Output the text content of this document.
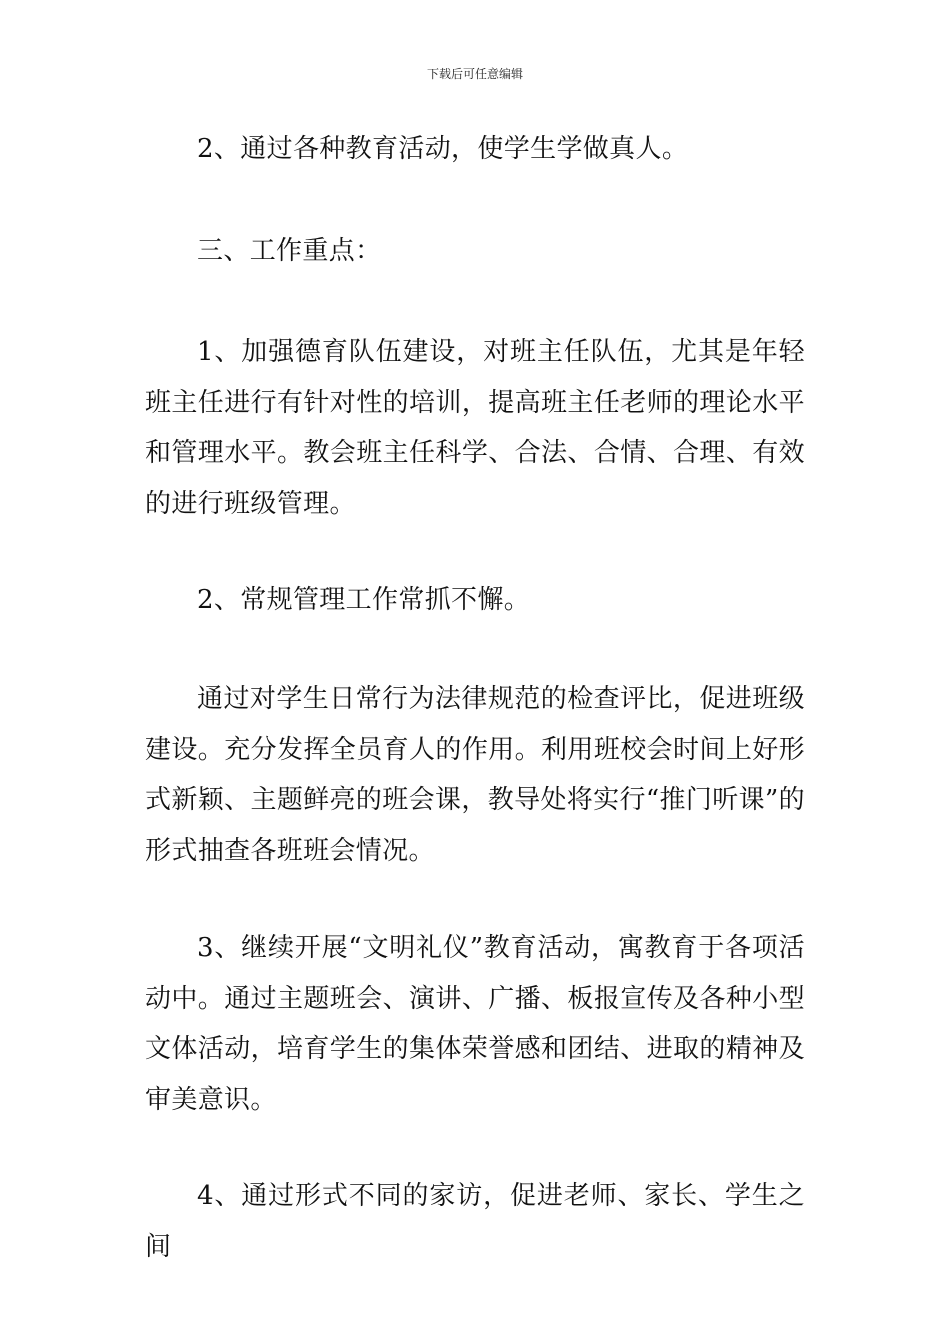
下载后可任意编辑

2、通过各种教育活动，使学生学做真人。

三、工作重点：

1、加强德育队伍建设，对班主任队伍，尤其是年轻班主任进行有针对性的培训，提高班主任老师的理论水平和管理水平。教会班主任科学、合法、合情、合理、有效的进行班级管理。

2、常规管理工作常抓不懈。

通过对学生日常行为法律规范的检查评比，促进班级建设。充分发挥全员育人的作用。利用班校会时间上好形式新颖、主题鲜亮的班会课，教导处将实行“推门听课”的形式抽查各班班会情况。

3、继续开展“文明礼仪”教育活动，寓教育于各项活动中。通过主题班会、演讲、广播、板报宣传及各种小型文体活动，培育学生的集体荣誉感和团结、进取的精神及审美意识。

4、通过形式不同的家访，促进老师、家长、学生之间
